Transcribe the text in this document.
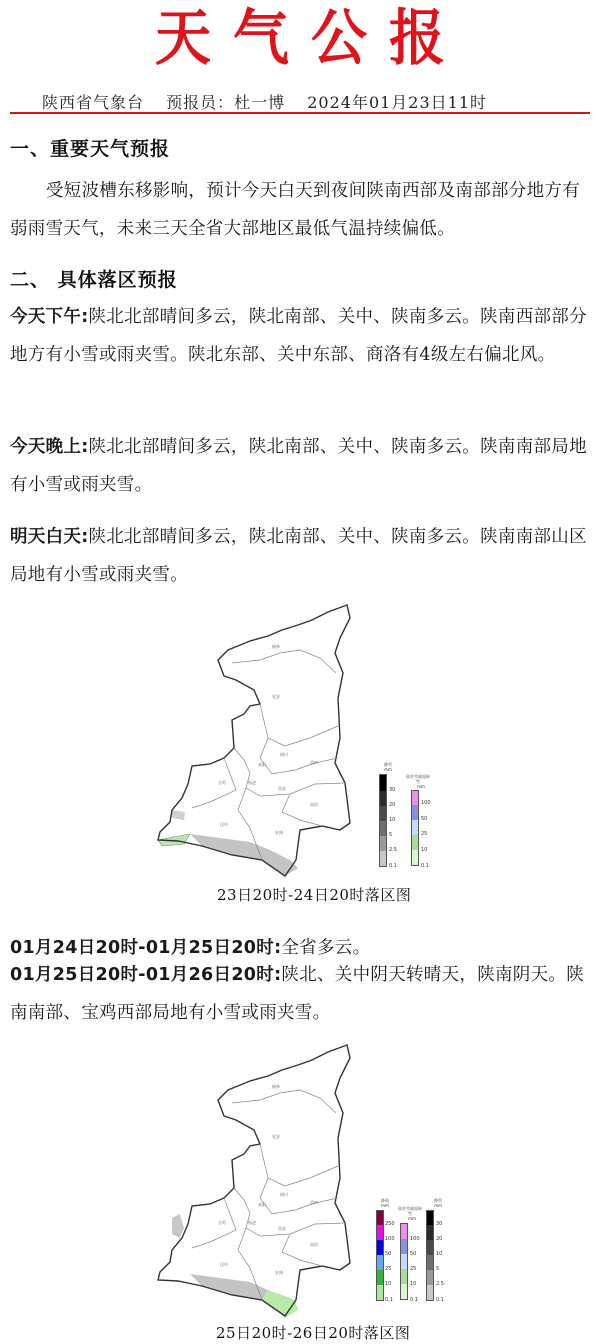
天气公报
陕西省气象台 预报员：杜一博 2024年01月23日11时
一、重要天气预报
受短波槽东移影响，预计今天白天到夜间陕南西部及南部部分地方有弱雨雪天气，未来三天全省大部地区最低气温持续偏低。
二、 具体落区预报
今天下午:陕北北部晴间多云，陕北南部、关中、陕南多云。陕南西部部分地方有小雪或雨夹雪。陕北东部、关中东部、商洛有4级左右偏北风。
今天晚上:陕北北部晴间多云，陕北南部、关中、陕南多云。陕南南部局地有小雪或雨夹雪。
明天白天:陕北北部晴间多云，陕北南部、关中、陕南多云。陕南南部山区局地有小雪或雨夹雪。
榆林
延安
铜川
渭南
咸阳
宝鸡	杨凌
西安
商洛
汉中
安康
降雪
mm
30
20
10
5
2.5
0.1
雨夹雪或雨转雪
mm
100
50
25
10
0.1
23日20时-24日20时落区图
01月24日20时-01月25日20时:全省多云。
01月25日20时-01月26日20时:陕北、关中阴天转晴天，陕南阴天。陕南南部、宝鸡西部局地有小雪或雨夹雪。
榆林
延安
铜川
渭南
咸阳
宝鸡	杨凌
西安
商洛
汉中
安康
降雨
mm
250
100
50
25
10
0.1
雨夹雪或雨转雪
mm
100
50
25
10
0.1
降雪
mm
30
20
10
5
2.5
0.1
25日20时-26日20时落区图
